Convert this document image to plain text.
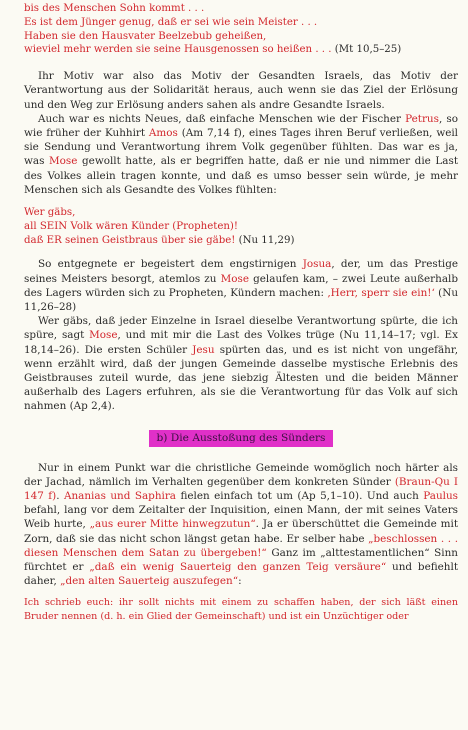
bis des Menschen Sohn kommt . . .

Es ist dem Jünger genug, daß er sei wie sein Meister . . .

Haben sie den Hausvater Beelzebub geheißen,

wieviel mehr werden sie seine Hausgenossen so heißen . . . (Mt 10,5–25)

Ihr Motiv war also das Motiv der Gesandten Israels, das Motiv der Verantwortung aus der Solidarität heraus, auch wenn sie das Ziel der Erlösung und den Weg zur Erlösung anders sahen als andre Gesandte Israels.

Auch war es nichts Neues, daß einfache Menschen wie der Fischer Petrus, so wie früher der Kuhhirt Amos (Am 7,14 f), eines Tages ihren Beruf verließen, weil sie Sendung und Verantwortung ihrem Volk gegenüber fühlten. Das war es ja, was Mose gewollt hatte, als er begriffen hatte, daß er nie und nimmer die Last des Volkes allein tragen konnte, und daß es umso besser sein würde, je mehr Menschen sich als Gesandte des Volkes fühlten:

Wer gäbs,

all SEIN Volk wären Künder (Propheten)!

daß ER seinen Geistbraus über sie gäbe! (Nu 11,29)

So entgegnete er begeistert dem engstirnigen Josua, der, um das Prestige seines Meisters besorgt, atemlos zu Mose gelaufen kam, – zwei Leute außerhalb des Lagers würden sich zu Propheten, Kündern machen: ‚Herr, sperr sie ein!‘ (Nu 11,26–28)

Wer gäbs, daß jeder Einzelne in Israel dieselbe Verantwortung spürte, die ich spüre, sagt Mose, und mit mir die Last des Volkes trüge (Nu 11,14–17; vgl. Ex 18,14–26). Die ersten Schüler Jesu spürten das, und es ist nicht von ungefähr, wenn erzählt wird, daß der jungen Gemeinde dasselbe mystische Erlebnis des Geistbrauses zuteil wurde, das jene siebzig Ältesten und die beiden Männer außerhalb des Lagers erfuhren, als sie die Verantwortung für das Volk auf sich nahmen (Ap 2,4).

b) Die Ausstoßung des Sünders

Nur in einem Punkt war die christliche Gemeinde womöglich noch härter als der Jachad, nämlich im Verhalten gegenüber dem konkreten Sünder (Braun-Qu I 147 f). Ananias und Saphira fielen einfach tot um (Ap 5,1–10). Und auch Paulus befahl, lang vor dem Zeitalter der Inquisition, einen Mann, der mit seines Vaters Weib hurte, „aus eurer Mitte hinwegzutun“. Ja er überschüttet die Gemeinde mit Zorn, daß sie das nicht schon längst getan habe. Er selber habe „beschlossen . . . diesen Menschen dem Satan zu übergeben!“ Ganz im „alttestamentlichen“ Sinn fürchtet er „daß ein wenig Sauerteig den ganzen Teig versäure“ und befiehlt daher, „den alten Sauerteig auszufegen“:

Ich schrieb euch: ihr sollt nichts mit einem zu schaffen haben, der sich läßt einen Bruder nennen (d. h. ein Glied der Gemeinschaft) und ist ein Unzüchtiger oder
